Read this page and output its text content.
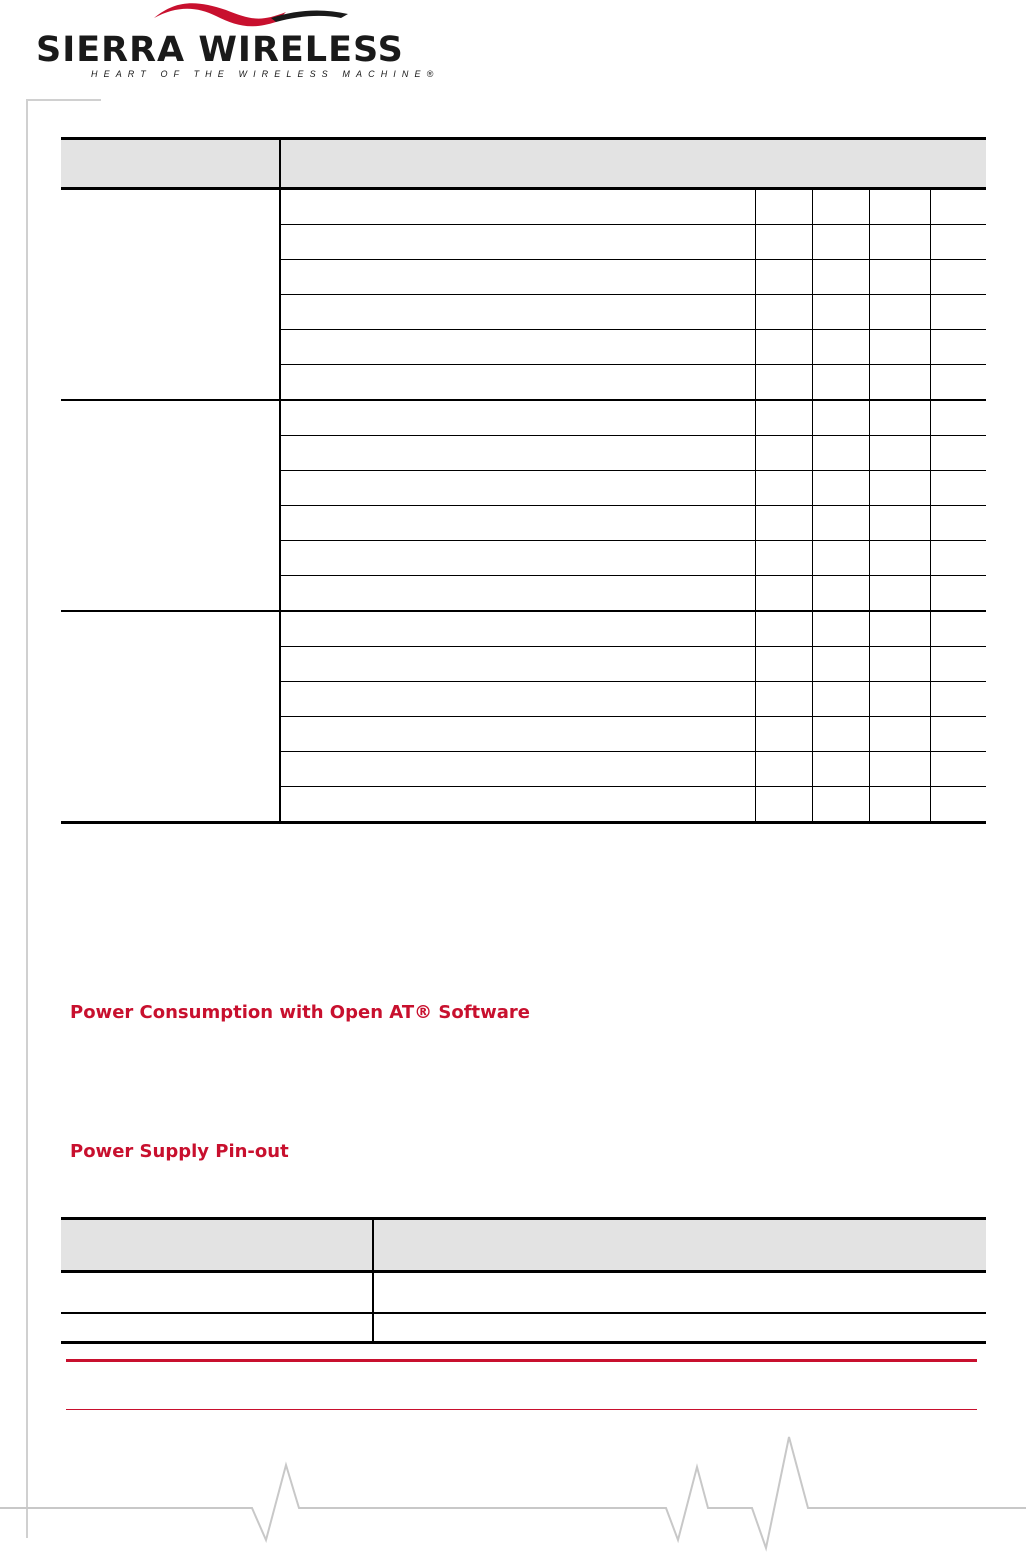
SIERRA WIRELESS
HEART OF THE WIRELESS MACHINE®

Power Consumption with Open AT® Software
Power Supply Pin-out
